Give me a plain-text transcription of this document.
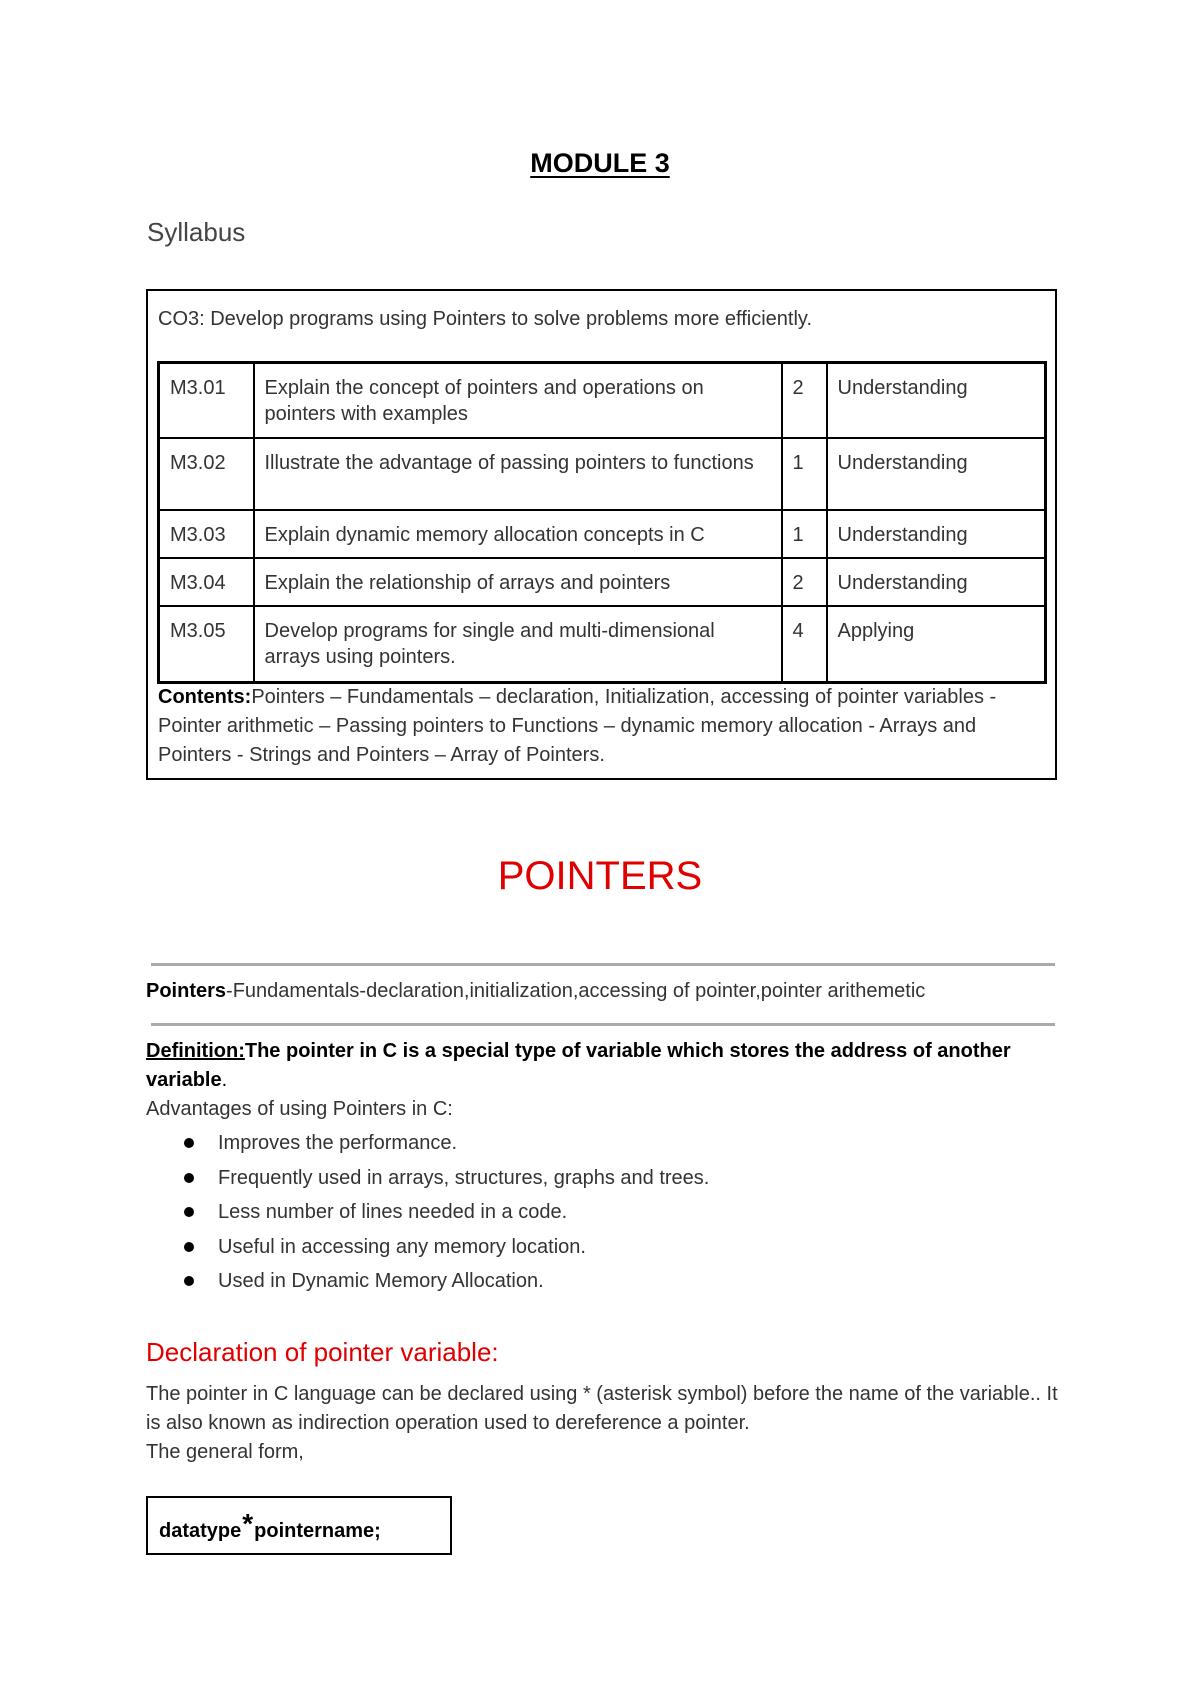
MODULE 3
Syllabus
CO3: Develop programs using Pointers to solve problems more efficiently.
M3.01	Explain the concept of pointers and operations on pointers with examples	2	Understanding
M3.02	Illustrate the advantage of passing pointers to functions	1	Understanding
M3.03	Explain dynamic memory allocation concepts in C	1	Understanding
M3.04	Explain the relationship of arrays and pointers	2	Understanding
M3.05	Develop programs for single and multi-dimensional arrays using pointers.	4	Applying
Contents:Pointers – Fundamentals – declaration, Initialization, accessing of pointer variables -Pointer arithmetic – Passing pointers to Functions – dynamic memory allocation - Arrays and Pointers - Strings and Pointers – Array of Pointers.
POINTERS
Pointers-Fundamentals-declaration,initialization,accessing of pointer,pointer arithemetic
Definition:The pointer in C is a special type of variable which stores the address of another variable.
Advantages of using Pointers in C:
Improves the performance.
Frequently used in arrays, structures, graphs and trees.
Less number of lines needed in a code.
Useful in accessing any memory location.
Used in Dynamic Memory Allocation.
Declaration of pointer variable:
The pointer in C language can be declared using * (asterisk symbol) before the name of the variable.. It is also known as indirection operation used to dereference a pointer.
The general form,
datatype*pointername;
